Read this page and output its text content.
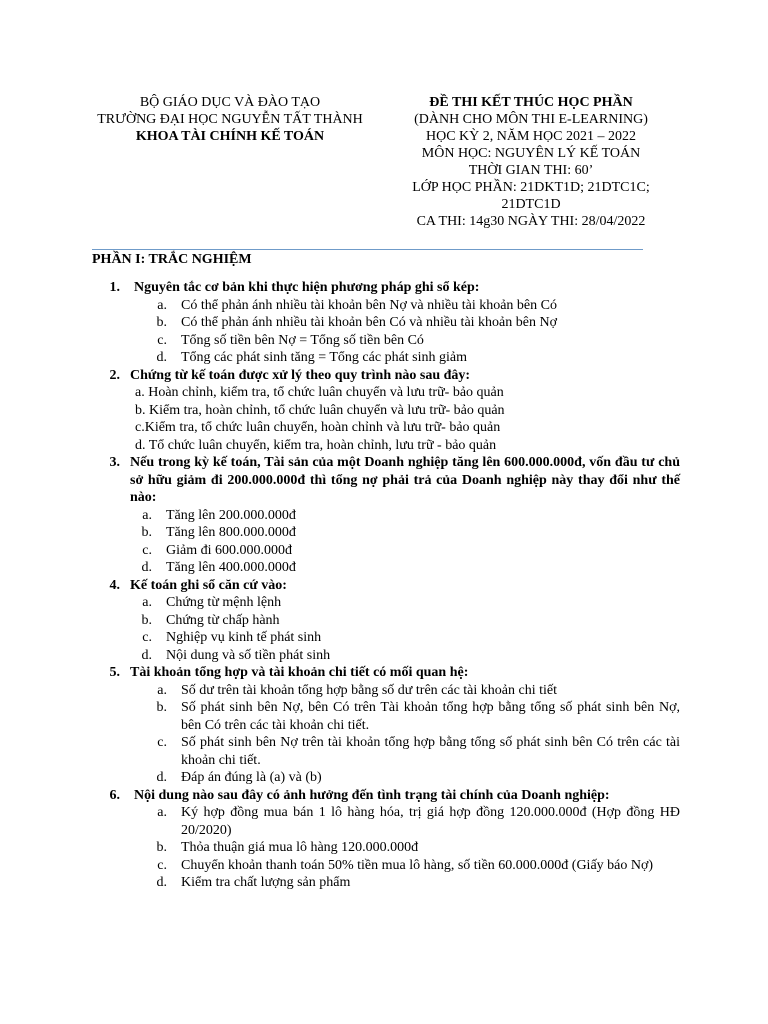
BỘ GIÁO DỤC VÀ ĐÀO TẠO
TRƯỜNG ĐẠI HỌC NGUYỄN TẤT THÀNH
KHOA TÀI CHÍNH KẾ TOÁN
ĐỀ THI KẾT THÚC HỌC PHẦN
(DÀNH CHO MÔN THI E-LEARNING)
HỌC KỲ 2, NĂM HỌC 2021 – 2022
MÔN HỌC: NGUYÊN LÝ KẾ TOÁN
THỜI GIAN THI: 60’
LỚP HỌC PHẦN: 21DKT1D; 21DTC1C;
21DTC1D
CA THI: 14g30 NGÀY THI: 28/04/2022
PHẦN I: TRẮC NGHIỆM
1.	Nguyên tắc cơ bản khi thực hiện phương pháp ghi sổ kép:
a.	Có thể phản ánh nhiều tài khoản bên Nợ và nhiều tài khoản bên Có
b.	Có thể phản ánh nhiều tài khoản bên Có và nhiều tài khoản bên Nợ
c.	Tổng số tiền bên Nợ = Tổng số tiền bên Có
d.	Tổng các phát sinh tăng = Tổng các phát sinh giảm
2. Chứng từ kế toán được xử lý theo quy trình nào sau đây:
a. Hoàn chỉnh, kiểm tra, tổ chức luân chuyển và lưu trữ- bảo quản
b. Kiểm tra, hoàn chỉnh, tổ chức luân chuyển và lưu trữ- bảo quản
c.Kiểm tra, tổ chức luân chuyển, hoàn chỉnh và lưu trữ- bảo quản
d. Tổ chức luân chuyển, kiểm tra, hoàn chỉnh, lưu trữ - bảo quản
3. Nếu trong kỳ kế toán, Tài sản của một Doanh nghiệp tăng lên 600.000.000đ, vốn đầu tư chủ sở hữu giảm đi 200.000.000đ thì tổng nợ phải trả của Doanh nghiệp này thay đổi như thế nào:
a.	Tăng lên 200.000.000đ
b.	Tăng lên 800.000.000đ
c.	Giảm đi 600.000.000đ
d.	Tăng lên 400.000.000đ
4. Kế toán ghi sổ căn cứ vào:
a.	Chứng từ mệnh lệnh
b.	Chứng từ chấp hành
c.	Nghiệp vụ kinh tế phát sinh
d.	Nội dung và số tiền phát sinh
5. Tài khoản tổng hợp và tài khoản chi tiết có mối quan hệ:
a.	Số dư trên tài khoản tổng hợp bằng số dư trên các tài khoản chi tiết
b.	Số phát sinh bên Nợ, bên Có trên Tài khoản tổng hợp bằng tổng số phát sinh bên Nợ, bên Có trên các tài khoản chi tiết.
c.	Số phát sinh bên Nợ trên tài khoản tổng hợp bằng tổng số phát sinh bên Có trên các tài khoản chi tiết.
d.	Đáp án đúng là (a) và (b)
6.	Nội dung nào sau đây có ảnh hưởng đến tình trạng tài chính của Doanh nghiệp:
a.	Ký hợp đồng mua bán 1 lô hàng hóa, trị giá hợp đồng 120.000.000đ (Hợp đồng HĐ 20/2020)
b.	Thỏa thuận giá mua lô hàng 120.000.000đ
c.	Chuyển khoản thanh toán 50% tiền mua lô hàng, số tiền 60.000.000đ (Giấy báo Nợ)
d.	Kiểm tra chất lượng sản phẩm
